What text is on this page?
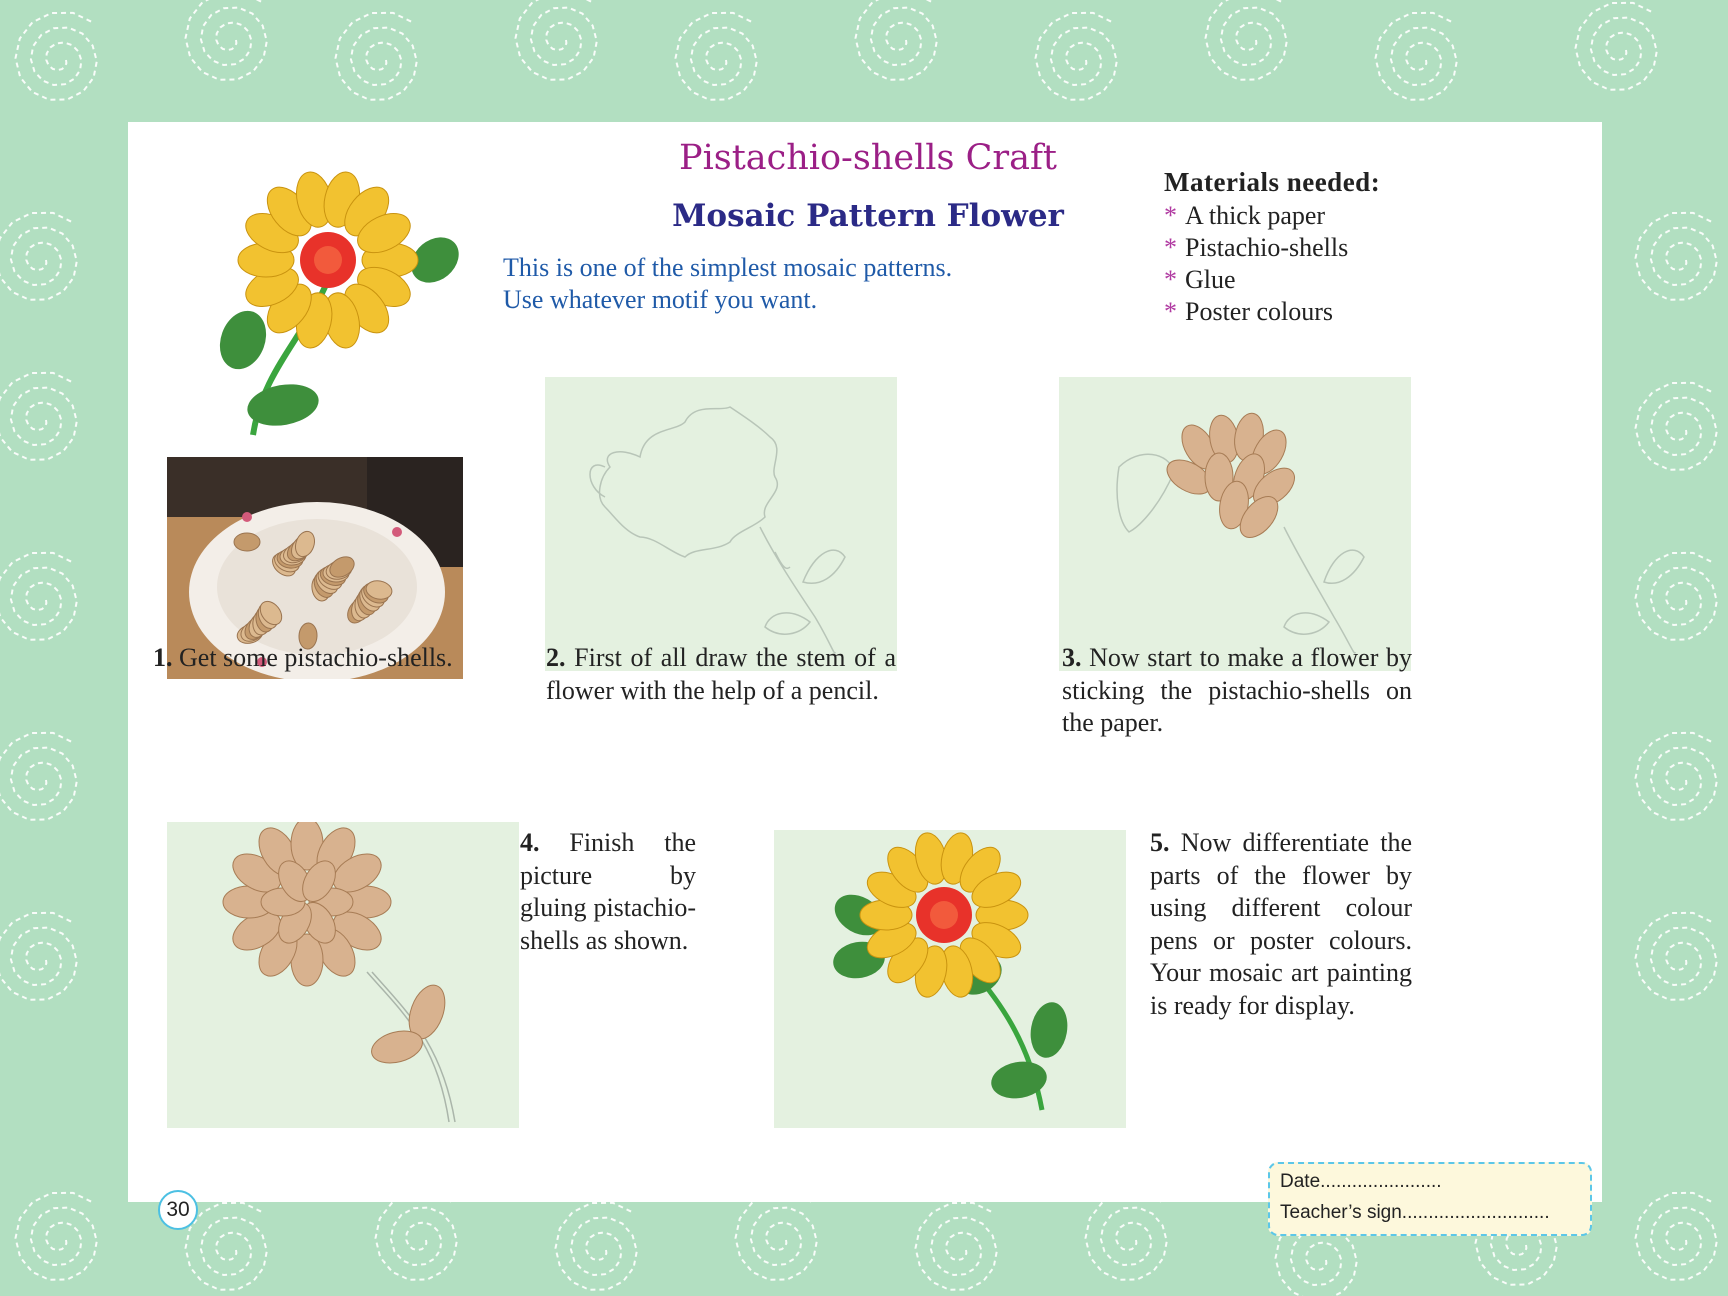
Pistachio-shells Craft
Mosaic Pattern Flower
This is one of the simplest mosaic patterns.
Use whatever motif you want.
Materials needed:
* A thick paper
* Pistachio-shells
* Glue
* Poster colours
1. Get some pistachio-shells.	2. First of all draw the stem of a flower with the help of a pencil.
3. Now start to make a flower by sticking the pistachio-shells on the paper.
4. Finish the picture by gluing pistachio-shells as shown.
5. Now differentiate the parts of the flower by using different colour pens or poster colours. Your mosaic art painting is ready for display.
Date.......................
Teacher’s sign............................
30
